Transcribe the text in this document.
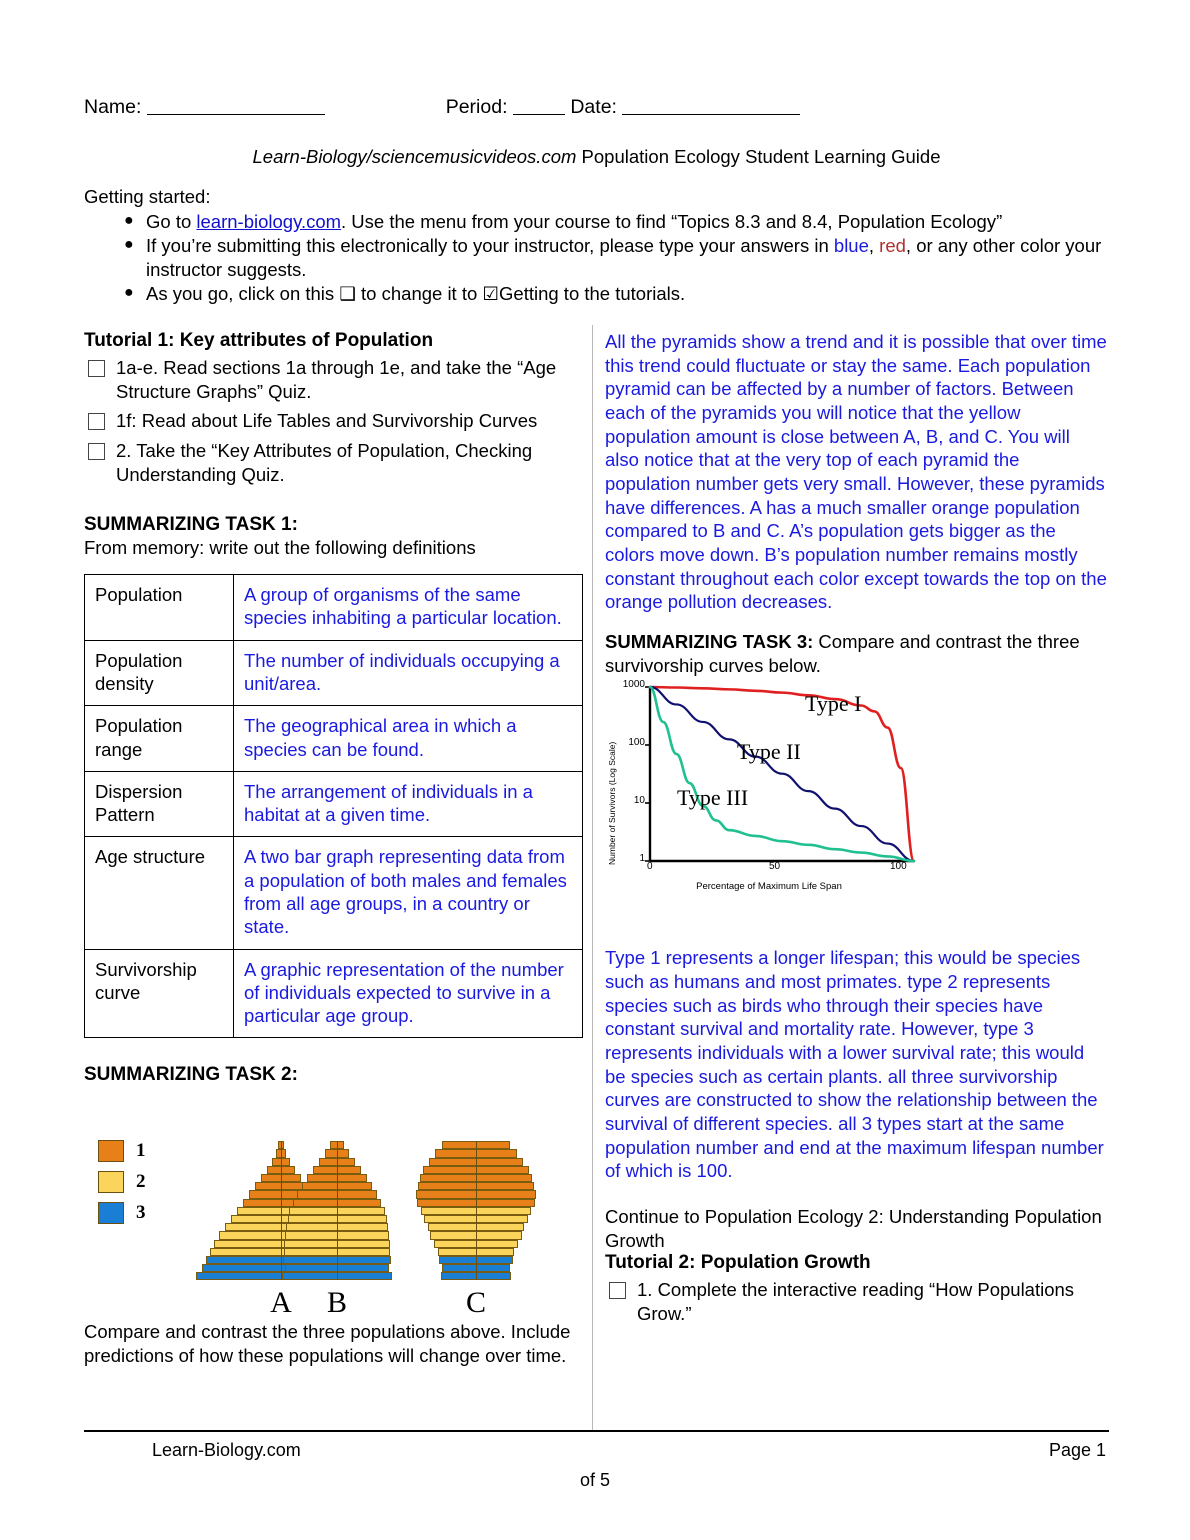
Name:	Period:	Date:
Learn-Biology/sciencemusicvideos.com Population Ecology Student Learning Guide
Getting started:
● Go to learn-biology.com. Use the menu from your course to find “Topics 8.3 and 8.4, Population Ecology”
● If you’re submitting this electronically to your instructor, please type your answers in blue, red, or any other color your instructor suggests.
● As you go, click on this ❑ to change it to ☑Getting to the tutorials.
Tutorial 1: Key attributes of Population
1a-e. Read sections 1a through 1e, and take the “Age Structure Graphs” Quiz.
1f: Read about Life Tables and Survivorship Curves
2. Take the “Key Attributes of Population, Checking Understanding Quiz.
SUMMARIZING TASK 1:
From memory: write out the following definitions
Population	A group of organisms of the same species inhabiting a particular location.
Population density	The number of individuals occupying a unit/area.
Population range	The geographical area in which a species can be found.
Dispersion Pattern	The arrangement of individuals in a habitat at a given time.
Age structure	A two bar graph representing data from a population of both males and females from all age groups, in a country or state.
Survivorship curve	A graphic representation of the number of individuals expected to survive in a particular age group.
SUMMARIZING TASK 2:
1
2
3
A	B	C
Compare and contrast the three populations above. Include predictions of how these populations will change over time.
All the pyramids show a trend and it is possible that over time this trend could fluctuate or stay the same. Each population pyramid can be affected by a number of factors. Between each of the pyramids you will notice that the yellow population amount is close between A, B, and C. You will also notice that at the very top of each pyramid the population number gets very small. However, these pyramids have differences. A has a much smaller orange population compared to B and C. A’s population gets bigger as the colors move down. B’s population number remains mostly constant throughout each color except towards the top on the orange pollution decreases.
SUMMARIZING TASK 3: Compare and contrast the three survivorship curves below.
Number of Survivors (Log Scale)
1000
100
10
1
0	50	100
Percentage of Maximum Life Span
Type I
Type II
Type III
Type 1 represents a longer lifespan; this would be species such as humans and most primates. type 2 represents species such as birds who through their species have constant survival and mortality rate. However, type 3 represents individuals with a lower survival rate; this would be species such as certain plants. all three survivorship curves are constructed to show the relationship between the survival of different species. all 3 types start at the same population number and end at the maximum lifespan number of which is 100.
Continue to Population Ecology 2: Understanding Population Growth
Tutorial 2: Population Growth
1. Complete the interactive reading “How Populations Grow.”
Learn-Biology.com	Page 1
of 5
